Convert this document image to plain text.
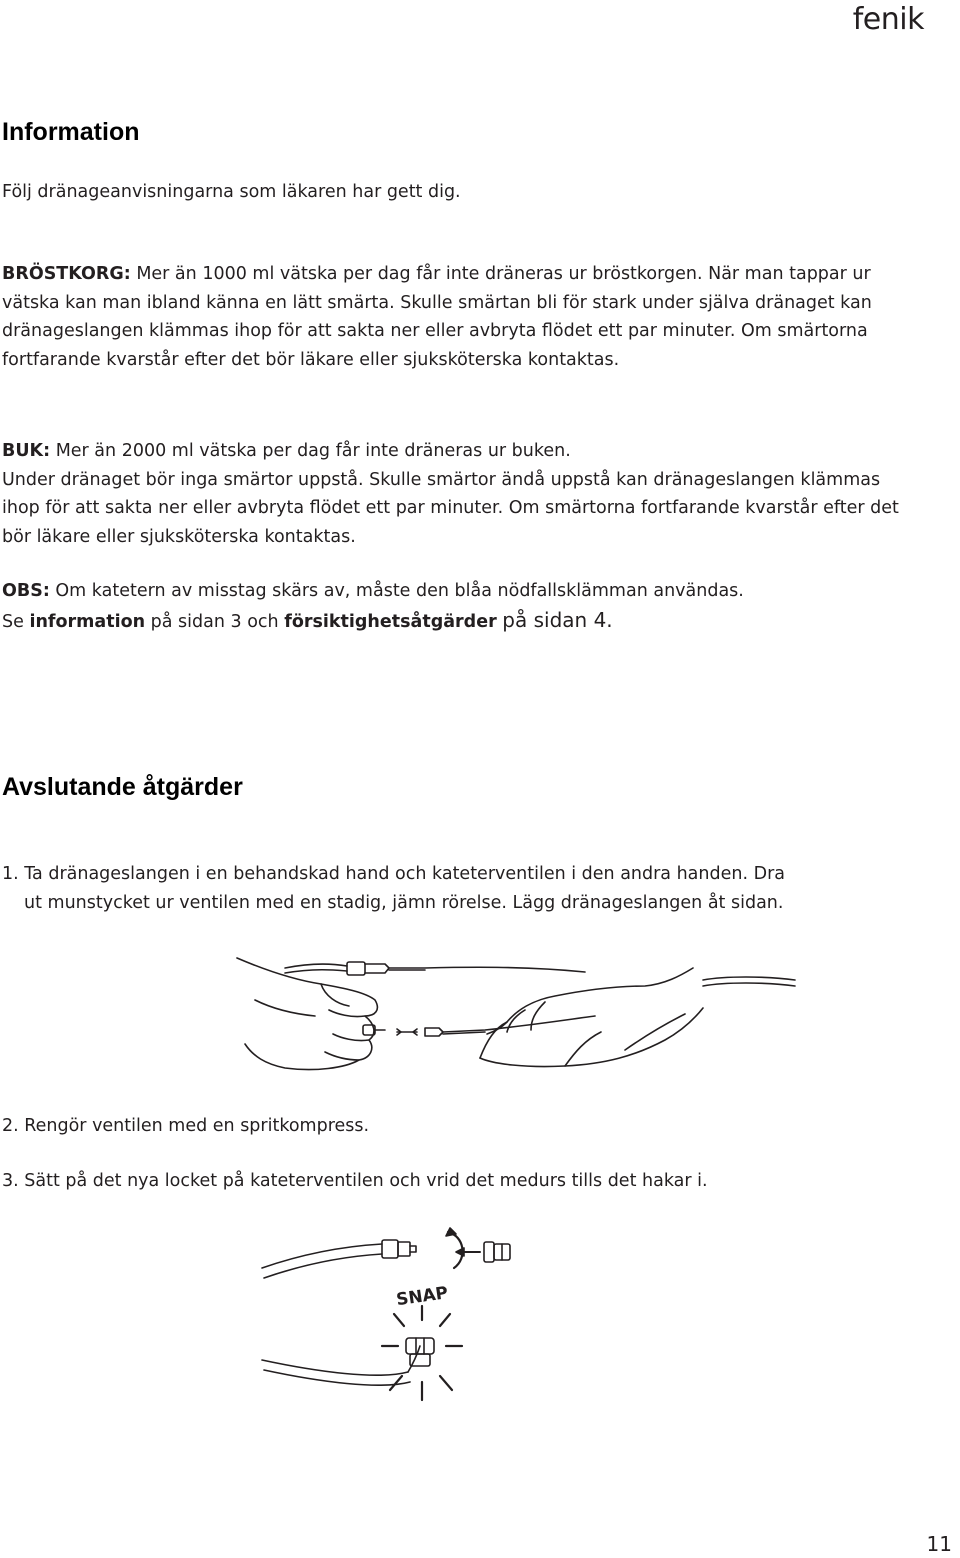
fenik
Information

Följ dränageanvisningarna som läkaren har gett dig.

BRÖSTKORG: Mer än 1000 ml vätska per dag får inte dräneras ur bröstkorgen. När man tappar ur vätska kan man ibland känna en lätt smärta. Skulle smärtan bli för stark under själva dränaget kan dränageslangen klämmas ihop för att sakta ner eller avbryta flödet ett par minuter. Om smärtorna fortfarande kvarstår efter det bör läkare eller sjuksköterska kontaktas.

BUK: Mer än 2000 ml vätska per dag får inte dräneras ur buken.
Under dränaget bör inga smärtor uppstå. Skulle smärtor ändå uppstå kan dränageslangen klämmas ihop för att sakta ner eller avbryta flödet ett par minuter. Om smärtorna fortfarande kvarstår efter det bör läkare eller sjuksköterska kontaktas.

OBS: Om katetern av misstag skärs av, måste den blåa nödfallsklämman användas.
Se information på sidan 3 och försiktighetsåtgärder på sidan 4.

Avslutande åtgärder

1. Ta dränageslangen i en behandskad hand och kateterventilen i den andra handen. Dra
ut munstycket ur ventilen med en stadig, jämn rörelse. Lägg dränageslangen åt sidan.

2. Rengör ventilen med en spritkompress.

3. Sätt på det nya locket på kateterventilen och vrid det medurs tills det hakar i.

SNAP
11
